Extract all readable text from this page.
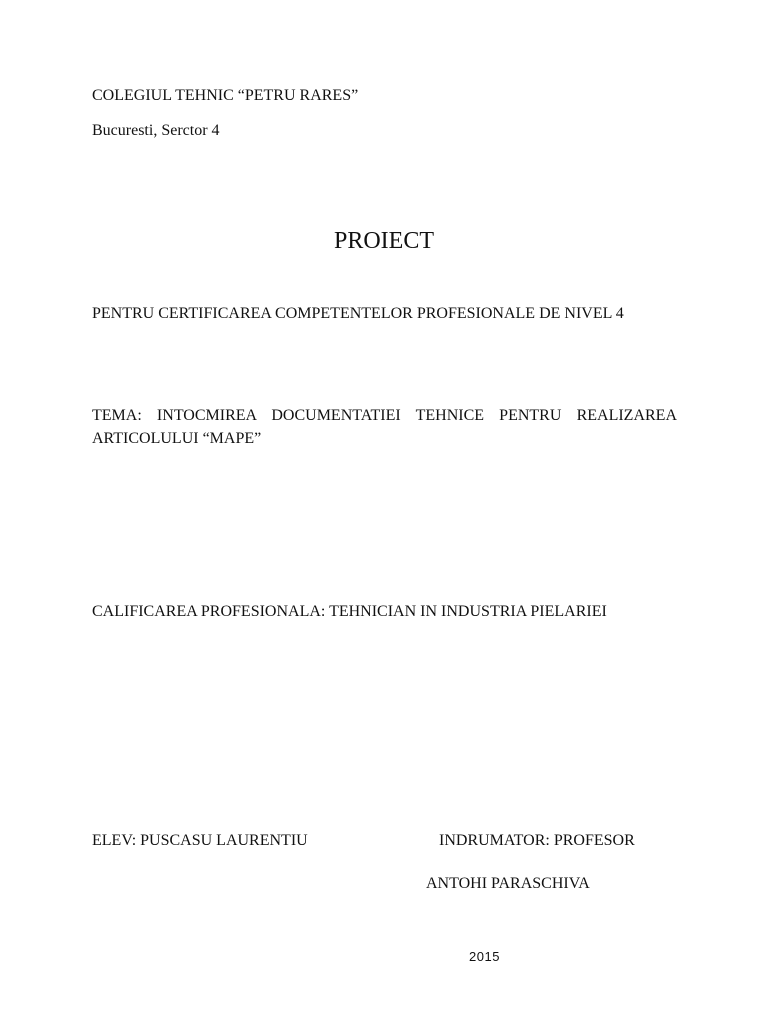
COLEGIUL TEHNIC “PETRU RARES”
Bucuresti, Serctor 4
PROIECT
PENTRU CERTIFICAREA COMPETENTELOR PROFESIONALE DE NIVEL 4
TEMA: INTOCMIREA DOCUMENTATIEI TEHNICE PENTRU REALIZAREA ARTICOLULUI “MAPE”
CALIFICAREA PROFESIONALA: TEHNICIAN IN INDUSTRIA PIELARIEI
ELEV: PUSCASU LAURENTIU	INDRUMATOR: PROFESOR
ANTOHI PARASCHIVA
2015
